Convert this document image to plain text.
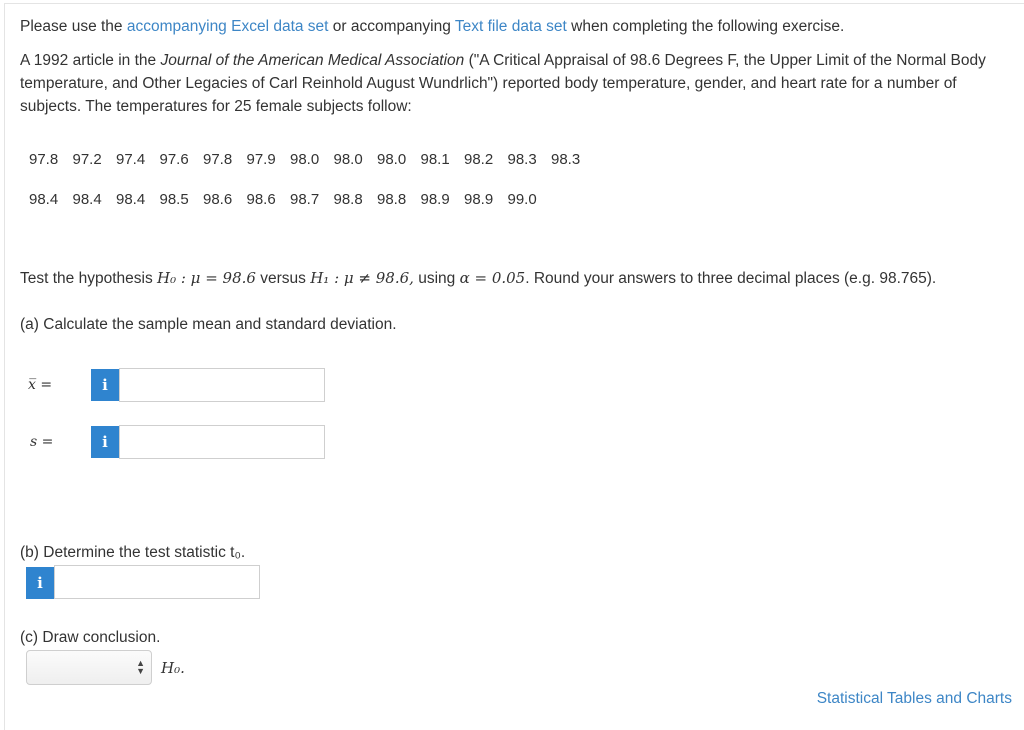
Please use the accompanying Excel data set or accompanying Text file data set when completing the following exercise.

A 1992 article in the Journal of the American Medical Association ("A Critical Appraisal of 98.6 Degrees F, the Upper Limit of the Normal Body temperature, and Other Legacies of Carl Reinhold August Wundrlich") reported body temperature, gender, and heart rate for a number of subjects. The temperatures for 25 female subjects follow:

97.8 97.2 97.4 97.6 97.8 97.9 98.0 98.0 98.0 98.1 98.2 98.3 98.3
98.4 98.4 98.4 98.5 98.6 98.6 98.7 98.8 98.8 98.9 98.9 99.0

Test the hypothesis H₀ : μ = 98.6 versus H₁ : μ ≠ 98.6, using α = 0.05. Round your answers to three decimal places (e.g. 98.765).

(a) Calculate the sample mean and standard deviation.

x̅ =	i
s =	i

(b) Determine the test statistic t₀.

i

(c) Draw conclusion.

▲
▼ H₀.
Statistical Tables and Charts
